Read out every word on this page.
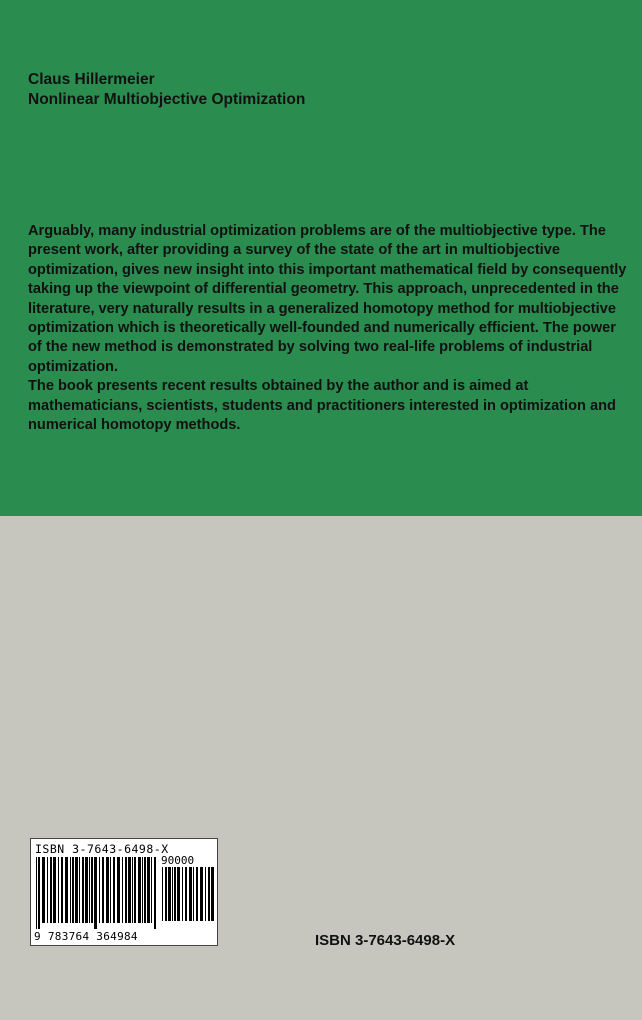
Claus Hillermeier
Nonlinear Multiobjective Optimization

Arguably, many industrial optimization problems are of the multiobjective type. The present work, after providing a survey of the state of the art in multiobjective optimization, gives new insight into this important mathematical field by consequently taking up the viewpoint of differential geometry. This approach, unprecedented in the literature, very naturally results in a generalized homotopy method for multiobjective optimization which is theoretically well-founded and numerically efficient. The power of the new method is demonstrated by solving two real-life problems of industrial optimization.

The book presents recent results obtained by the author and is aimed at mathematicians, scientists, students and practitioners interested in optimization and numerical homotopy methods.

ISBN 3-7643-6498-X
90000
9 783764 364984	ISBN 3-7643-6498-X
